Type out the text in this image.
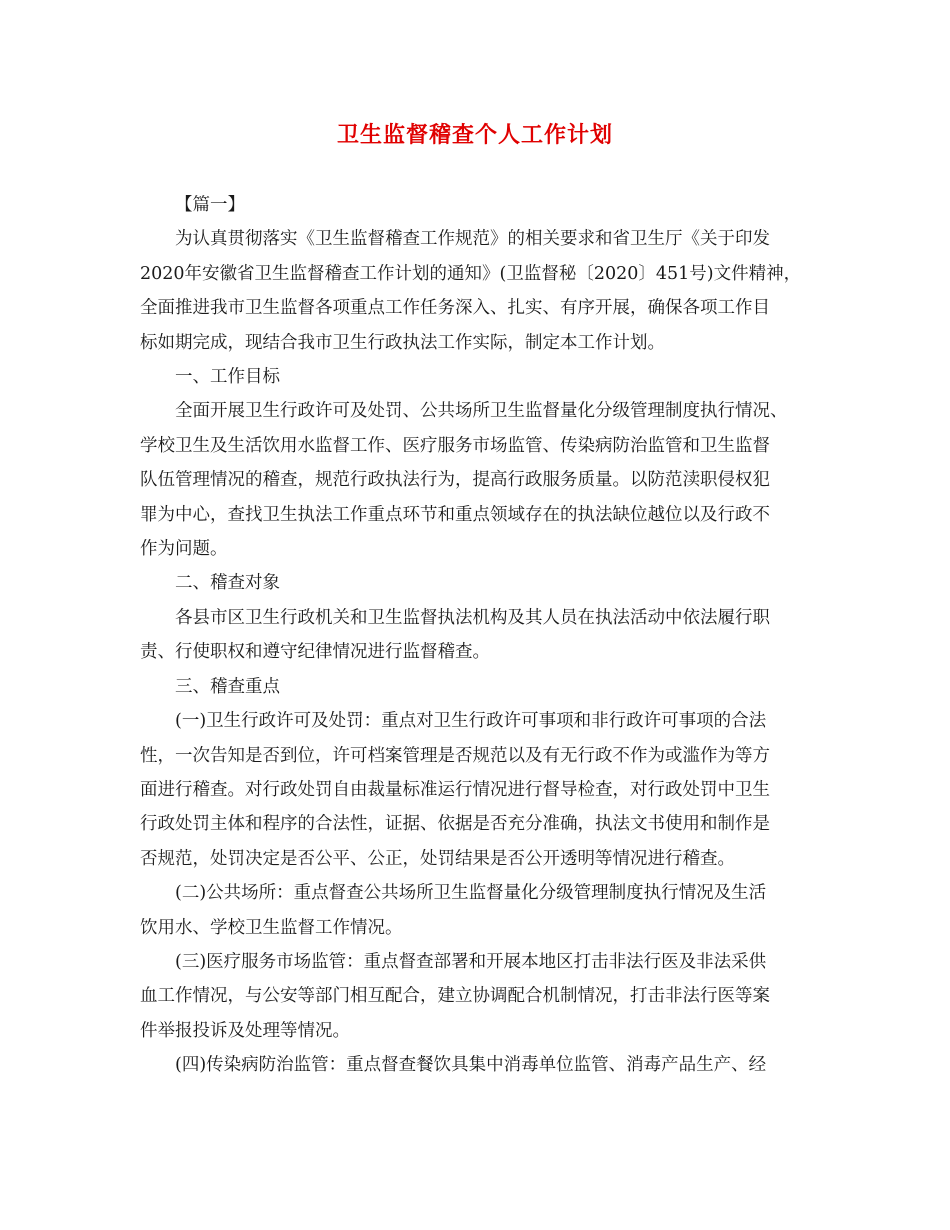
卫生监督稽查个人工作计划

【篇一】

为认真贯彻落实《卫生监督稽查工作规范》的相关要求和省卫生厅《关于印发
2020年安徽省卫生监督稽查工作计划的通知》(卫监督秘〔2020〕451号)文件精神，
全面推进我市卫生监督各项重点工作任务深入、扎实、有序开展，确保各项工作目
标如期完成，现结合我市卫生行政执法工作实际，制定本工作计划。

一、工作目标

全面开展卫生行政许可及处罚、公共场所卫生监督量化分级管理制度执行情况、
学校卫生及生活饮用水监督工作、医疗服务市场监管、传染病防治监管和卫生监督
队伍管理情况的稽查，规范行政执法行为，提高行政服务质量。以防范渎职侵权犯
罪为中心，查找卫生执法工作重点环节和重点领域存在的执法缺位越位以及行政不
作为问题。

二、稽查对象

各县市区卫生行政机关和卫生监督执法机构及其人员在执法活动中依法履行职
责、行使职权和遵守纪律情况进行监督稽查。

三、稽查重点

(一)卫生行政许可及处罚：重点对卫生行政许可事项和非行政许可事项的合法
性，一次告知是否到位，许可档案管理是否规范以及有无行政不作为或滥作为等方
面进行稽查。对行政处罚自由裁量标准运行情况进行督导检查，对行政处罚中卫生
行政处罚主体和程序的合法性，证据、依据是否充分准确，执法文书使用和制作是
否规范，处罚决定是否公平、公正，处罚结果是否公开透明等情况进行稽查。

(二)公共场所：重点督查公共场所卫生监督量化分级管理制度执行情况及生活
饮用水、学校卫生监督工作情况。

(三)医疗服务市场监管：重点督查部署和开展本地区打击非法行医及非法采供
血工作情况，与公安等部门相互配合，建立协调配合机制情况，打击非法行医等案
件举报投诉及处理等情况。

(四)传染病防治监管：重点督查餐饮具集中消毒单位监管、消毒产品生产、经
